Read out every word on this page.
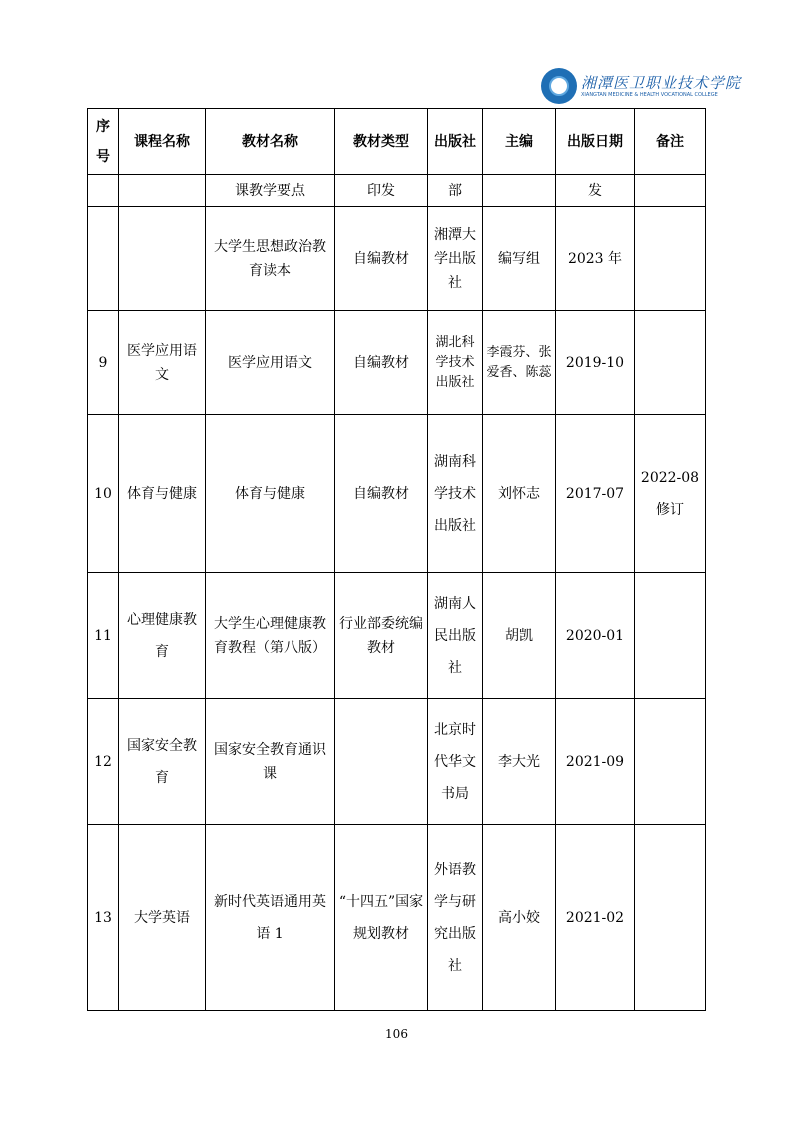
湘潭医卫职业技术学院
XIANGTAN MEDICINE & HEALTH VOCATIONAL COLLEGE
序号	课程名称	教材名称	教材类型	出版社	主编	出版日期	备注
		课教学要点	印发	部		发	
		大学生思想政治教育读本	自编教材	湘潭大学出版社	编写组	2023 年	
9	医学应用语文	医学应用语文	自编教材	湖北科学技术出版社	李霞芬、张爱香、陈蕊	2019-10	
10	体育与健康	体育与健康	自编教材	湖南科学技术出版社	刘怀志	2017-07	2022-08 修订
11	心理健康教育	大学生心理健康教育教程（第八版）	行业部委统编教材	湖南人民出版社	胡凯	2020-01	
12	国家安全教育	国家安全教育通识课		北京时代华文书局	李大光	2021-09	
13	大学英语	新时代英语通用英语 1	“十四五”国家规划教材	外语教学与研究出版社	高小姣	2021-02	
106
